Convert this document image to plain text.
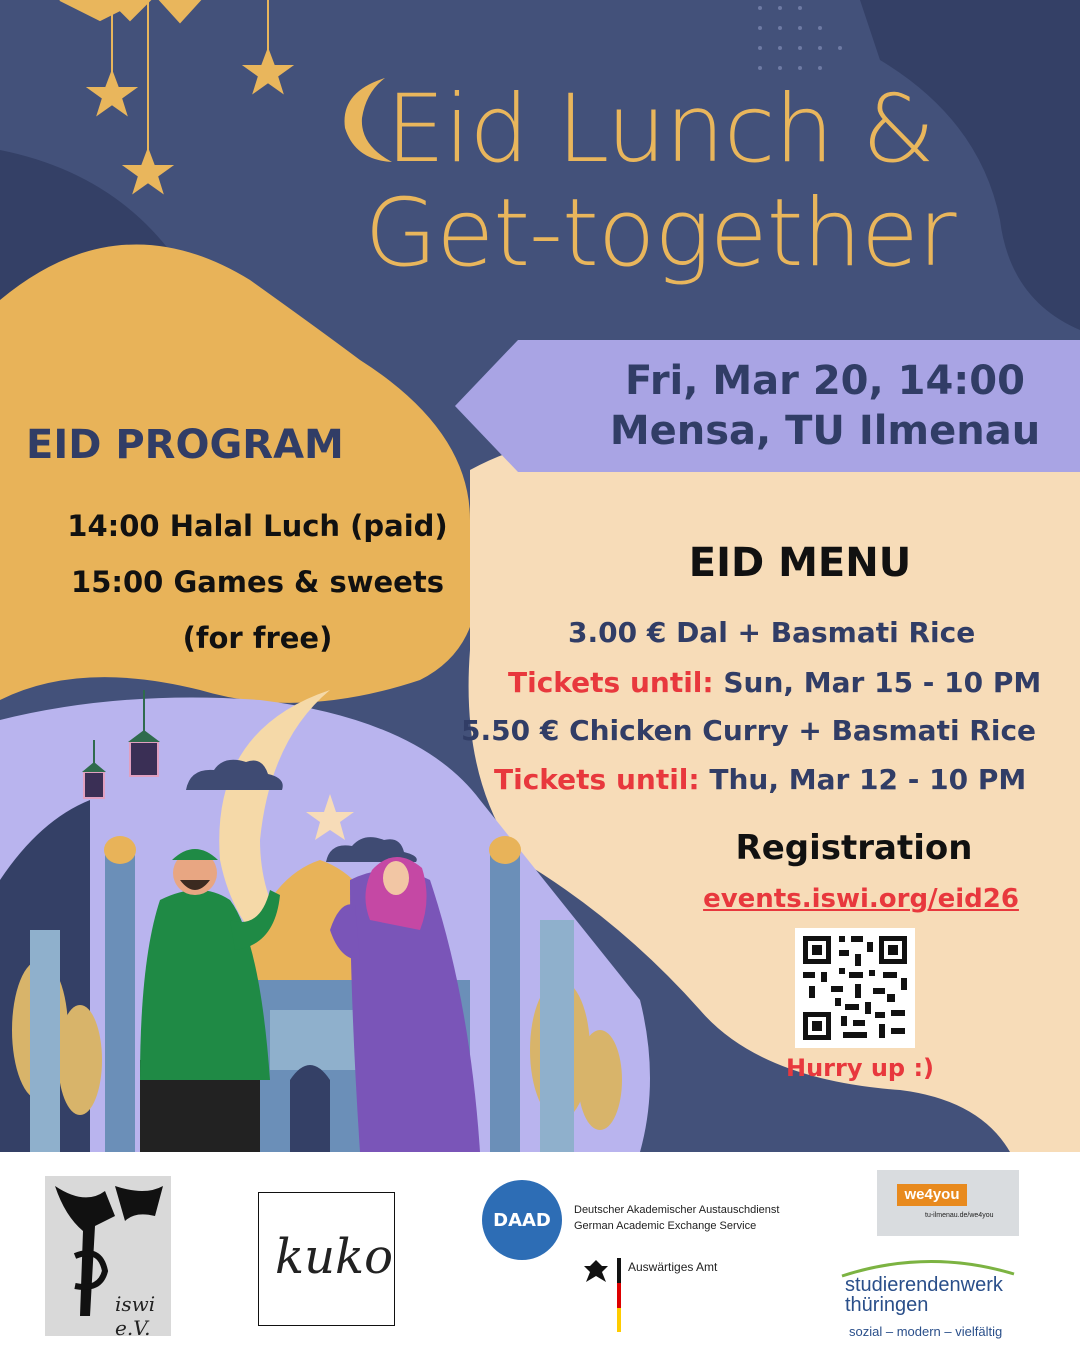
Eid Lunch &
Get-together
Fri, Mar 20, 14:00
Mensa, TU Ilmenau
EID PROGRAM
14:00 Halal Luch (paid)
15:00 Games & sweets
(for free)
EID MENU
3.00 € Dal + Basmati Rice
Tickets until: Sun, Mar 15 - 10 PM
5.50 € Chicken Curry + Basmati Rice
Tickets until: Thu, Mar 12 - 10 PM
Registration
events.iswi.org/eid26
Hurry up :)
iswi e.V.
kuko
DAAD	Deutscher Akademischer Austauschdienst
German Academic Exchange Service
Auswärtiges Amt
we4you
tu-ilmenau.de/we4you
studierendenwerk
thüringen
sozial – modern – vielfältig
